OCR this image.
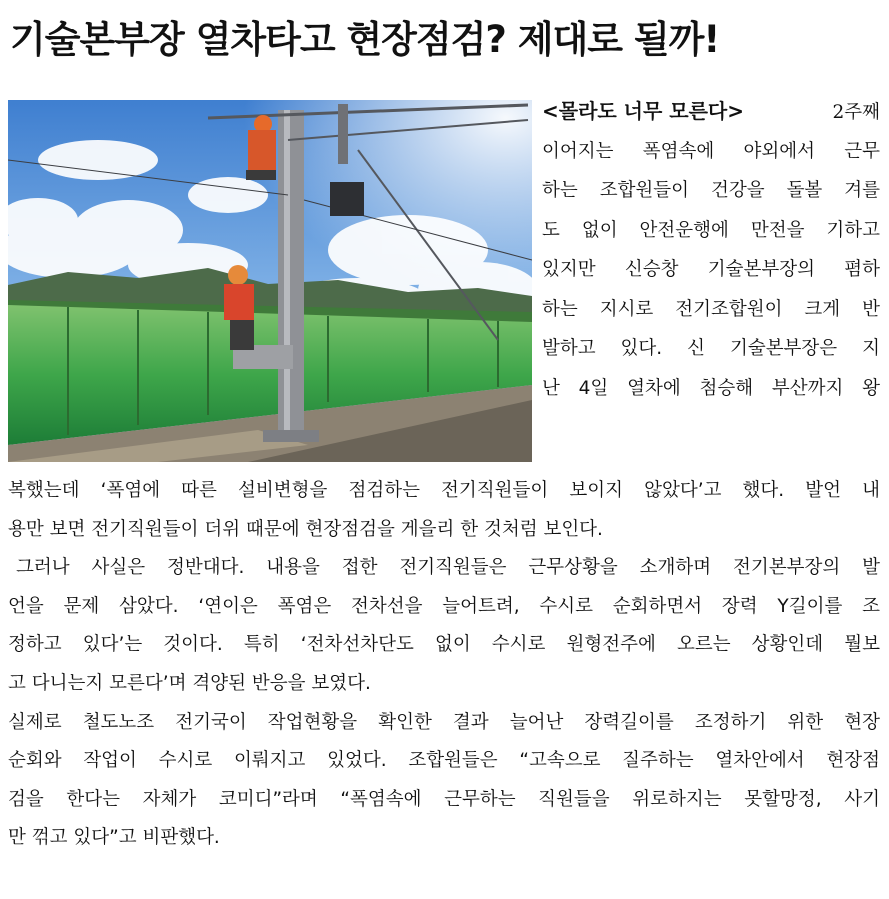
기술본부장 열차타고 현장점검? 제대로 될까!
<몰라도 너무 모른다>	2주째
이어지는 폭염속에 야외에서 근무
하는 조합원들이 건강을 돌볼 겨를
도 없이 안전운행에 만전을 기하고
있지만 신승창 기술본부장의 폄하
하는 지시로 전기조합원이 크게 반
발하고 있다. 신 기술본부장은 지
난 4일 열차에 첨승해 부산까지 왕
복했는데 ‘폭염에 따른 설비변형을 점검하는 전기직원들이 보이지 않았다’고 했다. 발언 내
용만 보면 전기직원들이 더위 때문에 현장점검을 게을리 한 것처럼 보인다.
그러나 사실은 정반대다. 내용을 접한 전기직원들은 근무상황을 소개하며 전기본부장의 발
언을 문제 삼았다. ‘연이은 폭염은 전차선을 늘어트려, 수시로 순회하면서 장력 Y길이를 조
정하고 있다’는 것이다. 특히 ‘전차선차단도 없이 수시로 원형전주에 오르는 상황인데 뭘보
고 다니는지 모른다’며 격양된 반응을 보였다.
실제로 철도노조 전기국이 작업현황을 확인한 결과 늘어난 장력길이를 조정하기 위한 현장
순회와 작업이 수시로 이뤄지고 있었다. 조합원들은 “고속으로 질주하는 열차안에서 현장점
검을 한다는 자체가 코미디”라며 “폭염속에 근무하는 직원들을 위로하지는 못할망정, 사기
만 꺾고 있다”고 비판했다.
